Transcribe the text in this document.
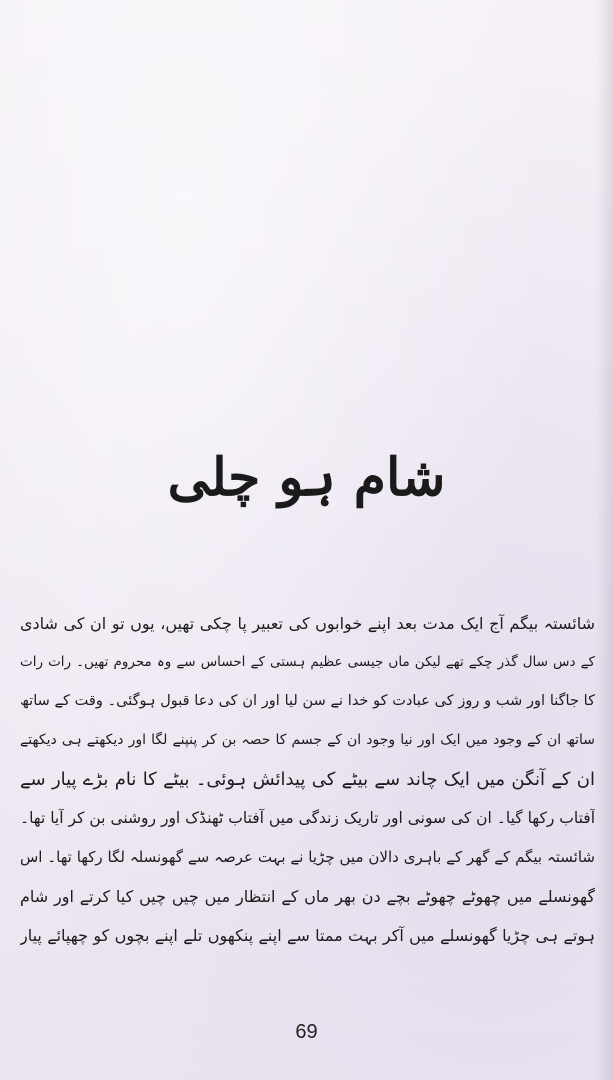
شام ہو چلی
شائستہ بیگم آج ایک مدت بعد اپنے خوابوں کی تعبیر پا چکی تھیں، یوں تو ان کی شادی
کے دس سال گذر چکے تھے لیکن ماں جیسی عظیم ہستی کے احساس سے وہ محروم تھیں۔ رات رات
کا جاگنا اور شب و روز کی عبادت کو خدا نے سن لیا اور ان کی دعا قبول ہوگئی۔ وقت کے ساتھ
ساتھ ان کے وجود میں ایک اور نیا وجود ان کے جسم کا حصہ بن کر پنپنے لگا اور دیکھتے ہی دیکھتے
ان کے آنگن میں ایک چاند سے بیٹے کی پیدائش ہوئی۔ بیٹے کا نام بڑے پیار سے
آفتاب رکھا گیا۔ ان کی سونی اور تاریک زندگی میں آفتاب ٹھنڈک اور روشنی بن کر آیا تھا۔
شائستہ بیگم کے گھر کے باہری دالان میں چڑیا نے بہت عرصہ سے گھونسلہ لگا رکھا تھا۔ اس
گھونسلے میں چھوٹے چھوٹے بچے دن بھر ماں کے انتظار میں چیں چیں کیا کرتے اور شام
ہوتے ہی چڑیا گھونسلے میں آکر بہت ممتا سے اپنے پنکھوں تلے اپنے بچوں کو چھپائے پیار
69
